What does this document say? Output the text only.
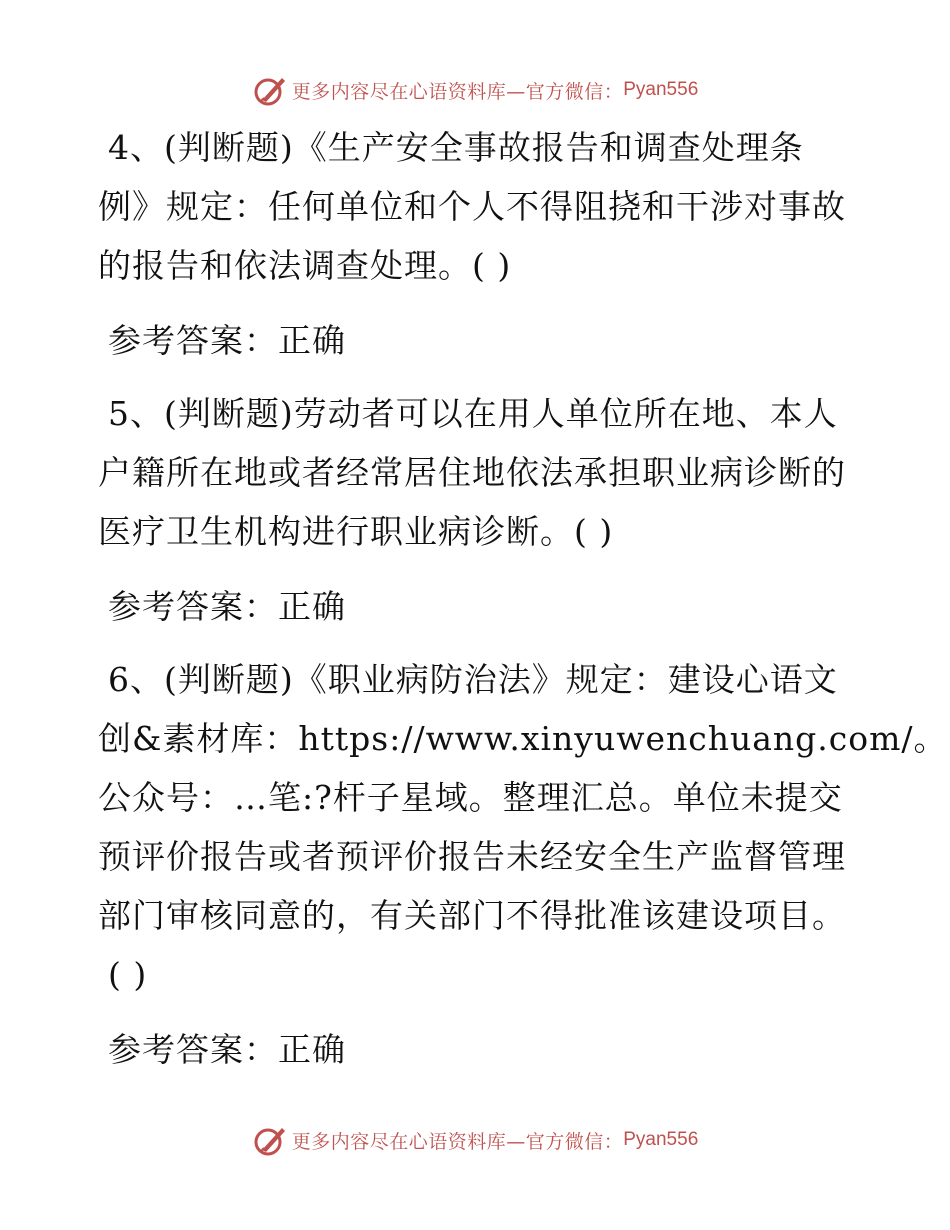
更多内容尽在心语资料库—官方微信： Pyan556
4、(判断题)《生产安全事故报告和调查处理条
例》规定：任何单位和个人不得阻挠和干涉对事故
的报告和依法调查处理。( )
参考答案：正确
5、(判断题)劳动者可以在用人单位所在地、本人
户籍所在地或者经常居住地依法承担职业病诊断的
医疗卫生机构进行职业病诊断。( )
参考答案：正确
6、(判断题)《职业病防治法》规定：建设心语文
创&素材库：https://www.xinyuwenchuang.com/。
公众号：…笔:?杆子星域。整理汇总。单位未提交
预评价报告或者预评价报告未经安全生产监督管理
部门审核同意的，有关部门不得批准该建设项目。
( )
参考答案：正确
更多内容尽在心语资料库—官方微信： Pyan556
